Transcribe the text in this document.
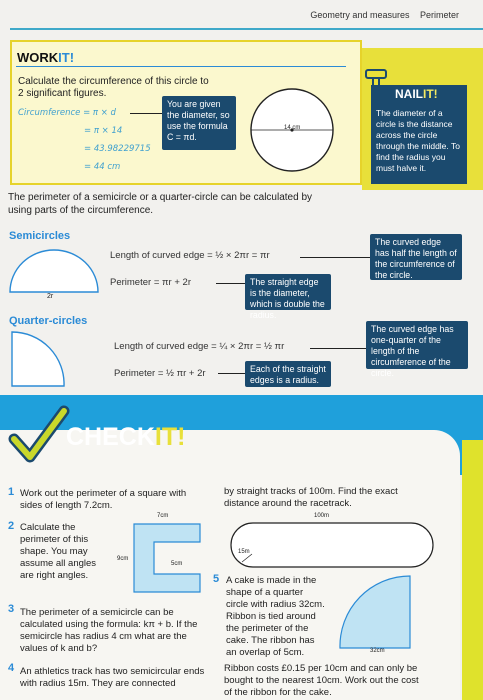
Geometry and measures Perimeter
WORKIT!
Calculate the circumference of this circle to
2 significant figures.
Circumference = π × d
= π × 14
= 43.98229715
= 44 cm
You are given the diameter, so use the formula C = πd.
14 cm
NAILIT!
The diameter of a circle is the distance across the circle through the middle. To find the radius you must halve it.
The perimeter of a semicircle or a quarter-circle can be calculated by using parts of the circumference.
Semicircles
2r
Length of curved edge = ½ × 2πr = πr
Perimeter = πr + 2r
The curved edge has half the length of the circumference of the circle.
The straight edge is the diameter, which is double the radius.
Quarter-circles
Length of curved edge = ¼ × 2πr = ½ πr
Perimeter = ½ πr + 2r
The curved edge has one-quarter of the length of the circumference of the circle.
Each of the straight edges is a radius.
CHECKIT!
1 Work out the perimeter of a square with sides of length 7.2cm.
2 Calculate the perimeter of this shape. You may assume all angles are right angles.
7cm
9cm
5cm
3 The perimeter of a semicircle can be calculated using the formula: kπ + b. If the semicircle has radius 4 cm what are the values of k and b?
4 An athletics track has two semicircular ends with radius 15m. They are connected
by straight tracks of 100m. Find the exact distance around the racetrack.
100m
15m
5 A cake is made in the shape of a quarter circle with radius 32cm. Ribbon is tied around the perimeter of the cake. The ribbon has an overlap of 5cm.	32cm
Ribbon costs £0.15 per 10cm and can only be bought to the nearest 10cm. Work out the cost of the ribbon for the cake.
